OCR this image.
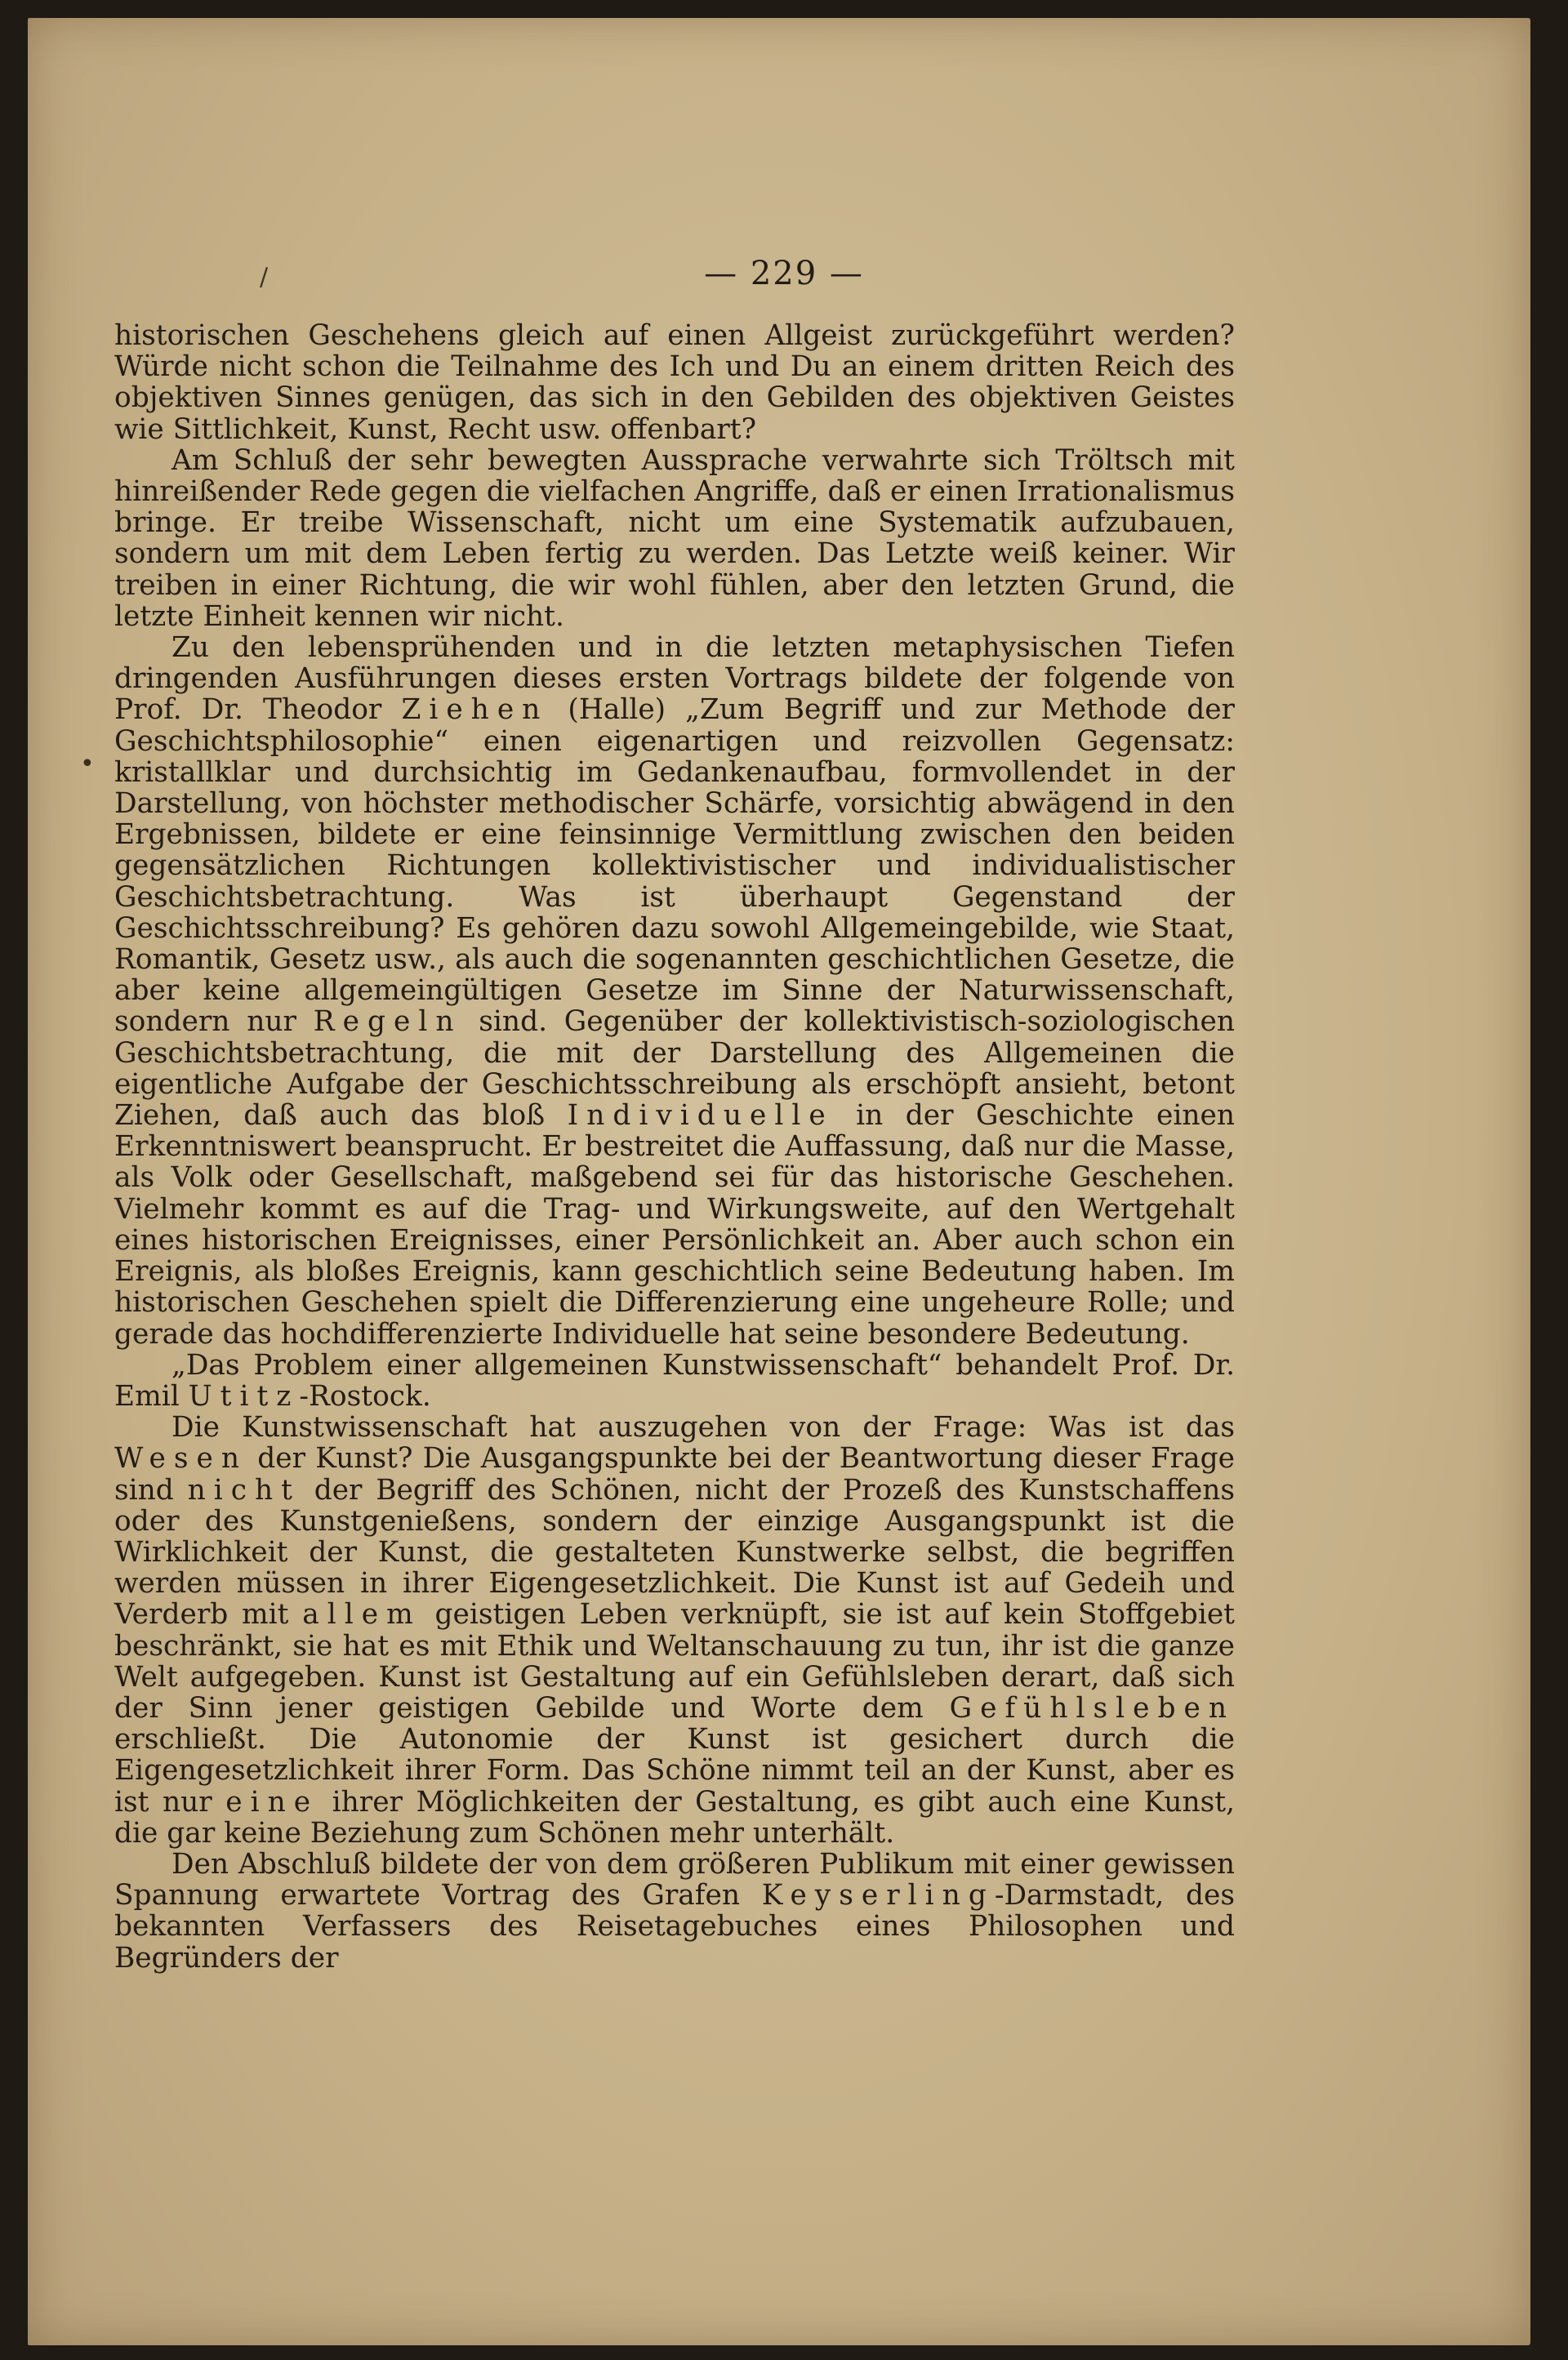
/
•
— 229 —

historischen Geschehens gleich auf einen Allgeist zurückgeführt werden? Würde nicht schon die Teilnahme des Ich und Du an einem dritten Reich des objektiven Sinnes genügen, das sich in den Gebilden des objektiven Geistes wie Sittlichkeit, Kunst, Recht usw. offenbart?

Am Schluß der sehr bewegten Aussprache verwahrte sich Tröltsch mit hinreißender Rede gegen die vielfachen Angriffe, daß er einen Irrationalismus bringe. Er treibe Wissenschaft, nicht um eine Systematik aufzubauen, sondern um mit dem Leben fertig zu werden. Das Letzte weiß keiner. Wir treiben in einer Richtung, die wir wohl fühlen, aber den letzten Grund, die letzte Einheit kennen wir nicht.

Zu den lebensprühenden und in die letzten metaphysischen Tiefen dringenden Ausführungen dieses ersten Vortrags bildete der folgende von Prof. Dr. Theodor Ziehen (Halle) „Zum Begriff und zur Methode der Geschichtsphilosophie“ einen eigenartigen und reizvollen Gegensatz: kristallklar und durchsichtig im Gedankenaufbau, formvollendet in der Darstellung, von höchster methodischer Schärfe, vorsichtig abwägend in den Ergebnissen, bildete er eine feinsinnige Vermittlung zwischen den beiden gegensätzlichen Richtungen kollektivistischer und individualistischer Geschichtsbetrachtung. Was ist überhaupt Gegenstand der Geschichtsschreibung? Es gehören dazu sowohl Allgemeingebilde, wie Staat, Romantik, Gesetz usw., als auch die sogenannten geschichtlichen Gesetze, die aber keine allgemeingültigen Gesetze im Sinne der Naturwissenschaft, sondern nur Regeln sind. Gegenüber der kollektivistisch-soziologischen Geschichtsbetrachtung, die mit der Darstellung des Allgemeinen die eigentliche Aufgabe der Geschichtsschreibung als erschöpft ansieht, betont Ziehen, daß auch das bloß Individuelle in der Geschichte einen Erkenntniswert beansprucht. Er bestreitet die Auffassung, daß nur die Masse, als Volk oder Gesellschaft, maßgebend sei für das historische Geschehen. Vielmehr kommt es auf die Trag- und Wirkungsweite, auf den Wertgehalt eines historischen Ereignisses, einer Persönlichkeit an. Aber auch schon ein Ereignis, als bloßes Ereignis, kann geschichtlich seine Bedeutung haben. Im historischen Geschehen spielt die Differenzierung eine ungeheure Rolle; und gerade das hochdifferenzierte Individuelle hat seine besondere Bedeutung.

„Das Problem einer allgemeinen Kunstwissenschaft“ behandelt Prof. Dr. Emil Utitz-Rostock.

Die Kunstwissenschaft hat auszugehen von der Frage: Was ist das Wesen der Kunst? Die Ausgangspunkte bei der Beantwortung dieser Frage sind nicht der Begriff des Schönen, nicht der Prozeß des Kunstschaffens oder des Kunstgenießens, sondern der einzige Ausgangspunkt ist die Wirklichkeit der Kunst, die gestalteten Kunstwerke selbst, die begriffen werden müssen in ihrer Eigengesetzlichkeit. Die Kunst ist auf Gedeih und Verderb mit allem geistigen Leben verknüpft, sie ist auf kein Stoffgebiet beschränkt, sie hat es mit Ethik und Weltanschauung zu tun, ihr ist die ganze Welt aufgegeben. Kunst ist Gestaltung auf ein Gefühlsleben derart, daß sich der Sinn jener geistigen Gebilde und Worte dem Gefühlsleben erschließt. Die Autonomie der Kunst ist gesichert durch die Eigengesetzlichkeit ihrer Form. Das Schöne nimmt teil an der Kunst, aber es ist nur eine ihrer Möglichkeiten der Gestaltung, es gibt auch eine Kunst, die gar keine Beziehung zum Schönen mehr unterhält.

Den Abschluß bildete der von dem größeren Publikum mit einer gewissen Spannung erwartete Vortrag des Grafen Keyserling-Darmstadt, des bekannten Verfassers des Reisetagebuches eines Philosophen und Begründers der
